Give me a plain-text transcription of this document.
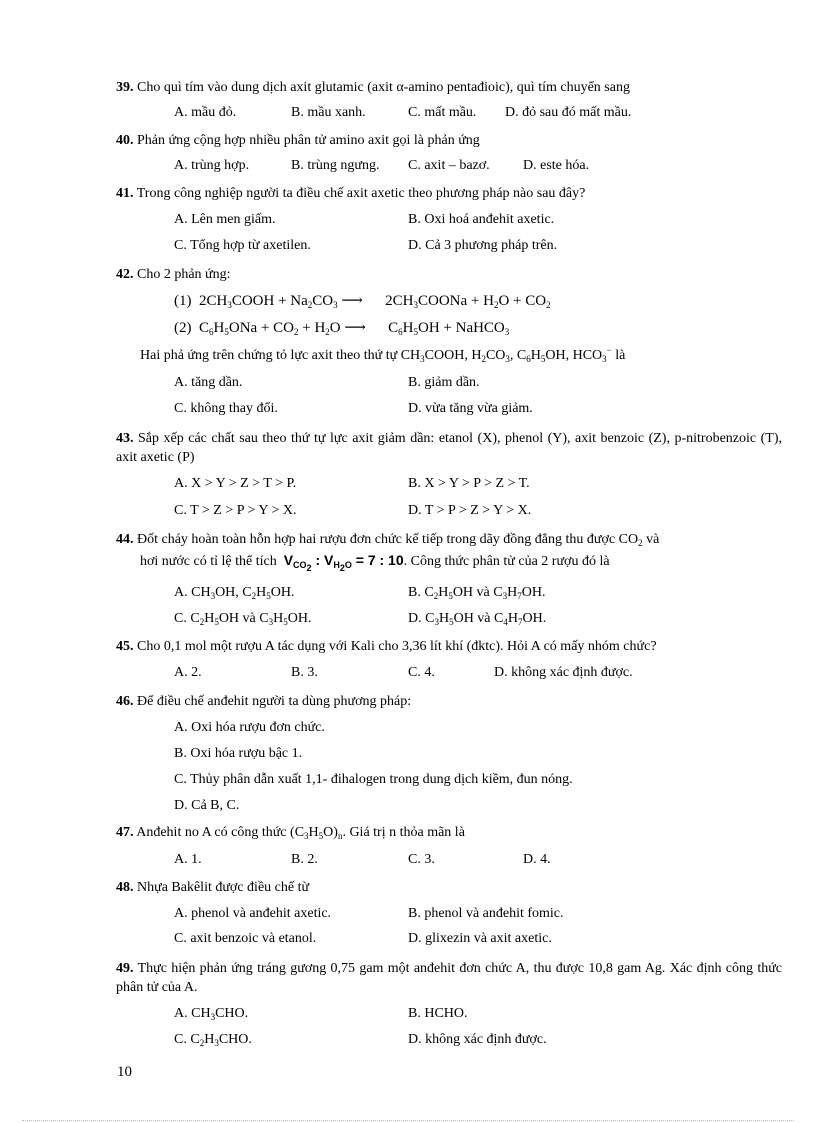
39. Cho quì tím vào dung dịch axit glutamic (axit α-amino pentađioic), quì tím chuyển sang
A. mầu đỏ.	B. mầu xanh.	C. mất mầu. D. đỏ sau đó mất mầu.
40. Phản ứng cộng hợp nhiều phân tử amino axit gọi là phản ứng
A. trùng hợp.	B. trùng ngưng. C. axit – bazơ. D. este hóa.
41. Trong công nghiệp người ta điều chế axit axetic theo phương pháp nào sau đây?
A. Lên men giấm.	B. Oxi hoá anđehit axetic.
C. Tổng hợp từ axetilen.	D. Cả 3 phương pháp trên.
42. Cho 2 phản ứng:
(1)  $2CH_3COOH + Na_2CO_3$ ⟶ $2CH_3COONa + H_2O + CO_2$
(2)  $C_6H_5ONa + CO_2 + H_2O$ ⟶ $C_6H_5OH$ + NaHCO$_3$
Hai phả ứng trên chứng tỏ lực axit theo thứ tự $CH_3COOH$, $H_2CO_3$, $C_6H_5OH$, $HCO_3^-$ là
A. tăng dần.	B. giảm dần.
C. không thay đổi.	D. vừa tăng vừa giảm.
43. Sắp xếp các chất sau theo thứ tự lực axit giảm dần: etanol (X), phenol (Y), axit benzoic (Z), p-nitrobenzoic (T), axit axetic (P)
A. X > Y > Z > T > P.	B. X > Y > P > Z > T.
C. T > Z > P > Y > X.	D. T > P > Z > Y > X.
44. Đốt cháy hoàn toàn hỗn hợp hai rượu đơn chức kế tiếp trong dãy đồng đẳng thu được $CO_2$ và
hơi nước có tỉ lệ thể tích $V_{CO_2}$ : $V_{H_2O} = 7$ : 10. Công thức phân tử của 2 rượu đó là
A. $CH_3OH$, $C_2H_5OH$.	B. $C_2H_5OH$ và $C_3H_7OH$.
C. $C_2H_5OH$ và $C_3H_5OH$.	D. $C_3H_5OH$ và $C_4H_7OH$.
45. Cho 0,1 mol một rượu A tác dụng với Kali cho 3,36 lít khí (đktc). Hỏi A có mấy nhóm chức?
A. 2.	B. 3.	C. 4.	D. không xác định được.
46. Để điều chế anđehit người ta dùng phương pháp:
A. Oxi hóa rượu đơn chức.
B. Oxi hóa rượu bậc 1.
C. Thủy phân dẫn xuất 1,1- đihalogen trong dung dịch kiềm, đun nóng.
D. Cả B, C.
47. Anđehit no A có công thức $(C_3H_5O)_n$. Giá trị n thỏa mãn là
A. 1.	B. 2.	C. 3.	D. 4.
48. Nhựa Bakêlit được điều chế từ
A. phenol và anđehit axetic.	B. phenol và anđehit fomic.
C. axit benzoic và etanol.	D. glixezin và axit axetic.
49. Thực hiện phản ứng tráng gương 0,75 gam một anđehit đơn chức A, thu được 10,8 gam Ag. Xác định công thức phân tử của A.
A. $CH_3CHO$.	B. HCHO.
C. $C_2H_3CHO$.	D. không xác định được.
10
